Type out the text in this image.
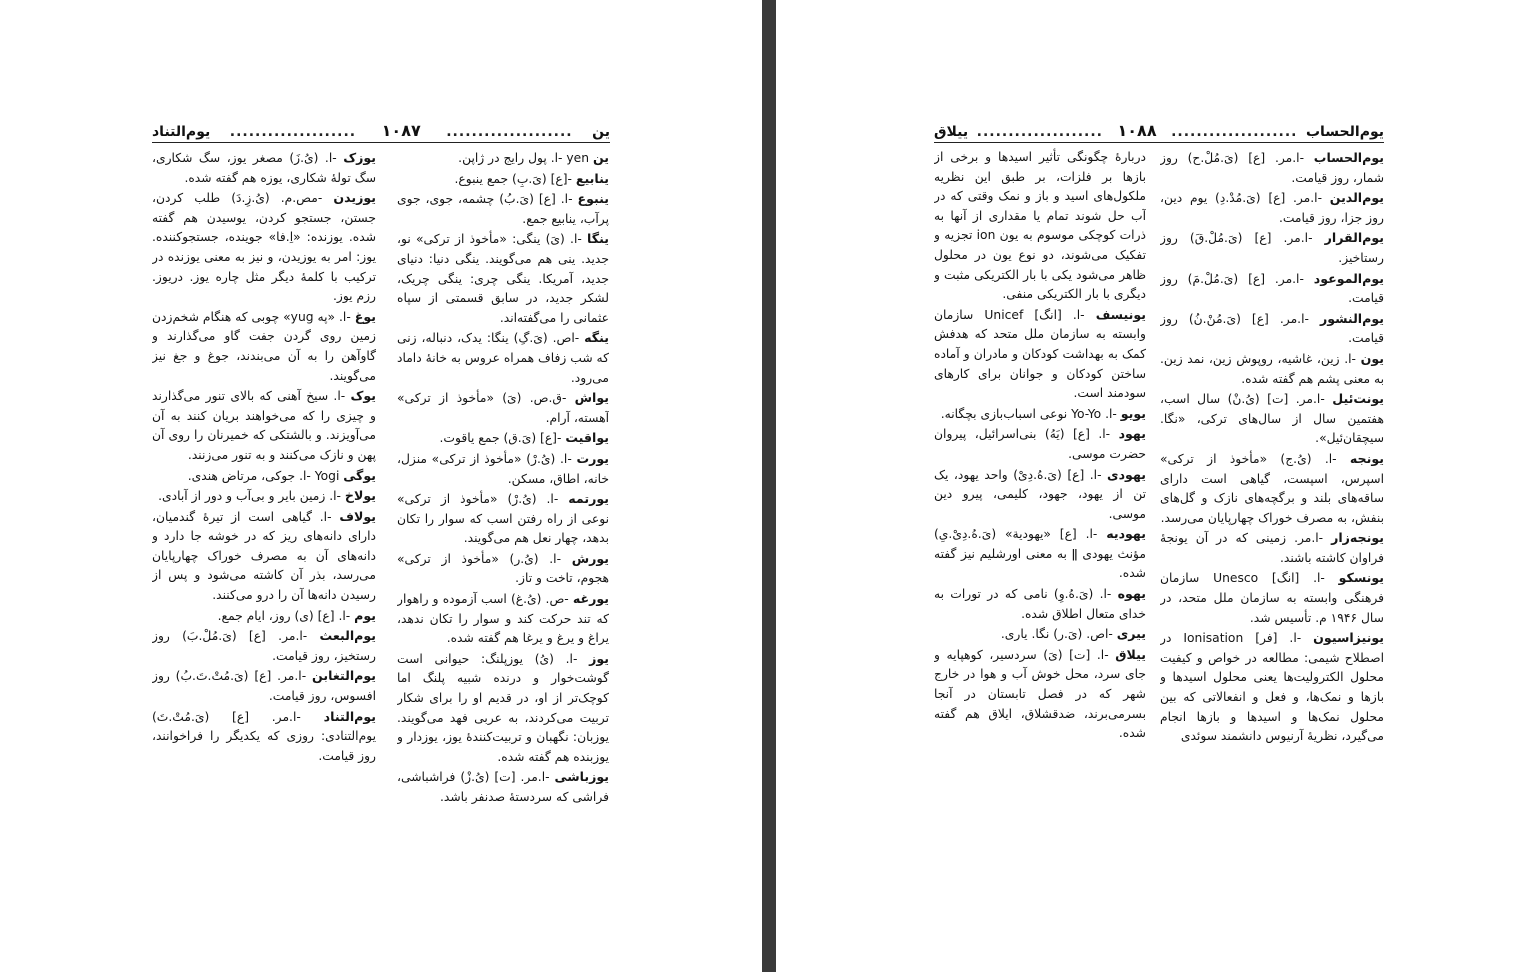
ین
....................
۱۰۸۷
....................
یوم‌التناد	یوم‌الحساب
....................
۱۰۸۸
....................
ییلاق

ین yen ‌-ا. پول رایج در ژاپن.

ینابیع ‌-[ع] (یَ.بِ) جمع ینبوع.

ینبوع ‌-ا. [ع] (یَ.بُ) چشمه، جوی، جوی پرآب، ینابیع جمع.

ینگا ‌-ا. (یَ) ینگی: «مأخوذ از ترکی» نو، جدید. ینی هم می‌گویند. ینگی دنیا: دنیای جدید، آمریکا. ینگی چری: ینگی چریک، لشکر جدید، در سابق قسمتی از سپاه عثمانی را می‌گفته‌اند.

ینگه ‌-اص. (یَ.گِ) ینگا: یدک، دنباله، زنی که شب زفاف همراه عروس به خانهٔ داماد می‌رود.

یواش ‌-ق.ص. (یَ) «مأخوذ از ترکی» آهسته، آرام.

یواقیت ‌-[ع] (یَ.ق) جمع یاقوت.

یورت ‌-ا. (یُ.رْ) «مأخوذ از ترکی» منزل، خانه، اطاق، مسکن.

یورتمه ‌-ا. (یُ.رْ) «مأخوذ از ترکی» نوعی از راه رفتن اسب که سوار را تکان بدهد، چهار نعل هم می‌گویند.

یورش ‌-ا. (یُ.ر) «مأخوذ از ترکی» هجوم، تاخت و تاز.

یورغه ‌-ص. (یُ.غ) اسب آزموده و راهوار که تند حرکت کند و سوار را تکان ندهد، یراغ و یرغ و یرغا هم گفته شده.

یوز ‌-ا. (یُ) یوزپلنگ: حیوانی است گوشت‌خوار و درنده شبیه پلنگ اما کوچک‌تر از او، در قدیم او را برای شکار تربیت می‌کردند، به عربی فهد می‌گویند. یوزبان: نگهبان و تربیت‌کنندهٔ یوز، یوزدار و یوزبنده هم گفته شده.

یوزباشی ‌-ا.مر. [ت] (یُ.زْ) فراشباشی، فراشی که سردستهٔ صدنفر باشد.

یوزک ‌-ا. (یُ.زَ) مصغر یوز، سگ شکاری، سگ تولهٔ شکاری، یوزه هم گفته شده.

یوزیدن ‌-مص.م. (یُ.زِ.دَ) طلب کردن، جستن، جستجو کردن، یوسیدن هم گفته شده. یوزنده: «اِ.فا» جوینده، جستجوکننده. یوز: امر به یوزیدن، و نیز به معنی یوزنده در ترکیب با کلمهٔ دیگر مثل چاره یوز. دریوز. رزم یوز.

یوغ ‌-ا. «په yug» چوبی که هنگام شخم‌زدن زمین روی گردن جفت گاو می‌گذارند و گاوآهن را به آن می‌بندند، جوغ و جغ نیز می‌گویند.

یوک ‌-ا. سیخ آهنی که بالای تنور می‌گذارند و چیزی را که می‌خواهند بریان کنند به آن می‌آویزند. و بالشتکی که خمیرنان را روی آن پهن و نازک می‌کنند و به تنور می‌زنند.

یوگی Yogi ‌-ا. جوکی، مرتاض هندی.

یولاخ ‌-ا. زمین بایر و بی‌آب و دور از آبادی.

یولاف ‌-ا. گیاهی است از تیرهٔ گندمیان، دارای دانه‌های ریز که در خوشه جا دارد و دانه‌های آن به مصرف خوراک چهارپایان می‌رسد، بذر آن کاشته می‌شود و پس از رسیدن دانه‌ها آن را درو می‌کنند.

یوم ‌-ا. [ع] (ی) روز، ایام جمع.

یوم‌البعث ‌-ا.مر. [ع] (یَ.مُلْ.بَ) روز رستخیز، روز قیامت.

یوم‌التغابن ‌-ا.مر. [ع] (یَ.مُتْ.تَ.بُ) روز افسوس، روز قیامت.

یوم‌التناد ‌-ا.مر. [ع] (یَ.مُتْ.تَ) یوم‌التنادی: روزی که یکدیگر را فراخوانند، روز قیامت.

یوم‌الحساب ‌-ا.مر. [ع] (یَ.مُلْ.ح) روز شمار، روز قیامت.

یوم‌الدین ‌-ا.مر. [ع] (یَ.مُدْ.دِ) یوم دین، روز جزا، روز قیامت.

یوم‌القرار ‌-ا.مر. [ع] (یَ.مُلْ.قَ) روز رستاخیز.

یوم‌الموعود ‌-ا.مر. [ع] (یَ.مُلْ.مَ) روز قیامت.

یوم‌النشور ‌-ا.مر. [ع] (یَ.مُنْ.نُ) روز قیامت.

یون ‌-ا. زین، غاشیه، روپوش زین، نمد زین. به معنی پشم هم گفته شده.

یونت‌ئیل ‌-ا.مر. [ت] (یُ.نْ) سال اسب، هفتمین سال از سال‌های ترکی، «نگا. سیچقان‌ئیل».

یونجه ‌-ا. (یُ.ج) «مأخوذ از ترکی» اسپرس، اسپست، گیاهی است دارای ساقه‌های بلند و برگچه‌های نازک و گل‌های بنفش، به مصرف خوراک چهارپایان می‌رسد.

یونجه‌زار ‌-ا.مر. زمینی که در آن یونجهٔ فراوان کاشته باشند.

یونسکو ‌-ا. [انگ] Unesco سازمان فرهنگی وابسته به سازمان ملل متحد، در سال ۱۹۴۶ م. تأسیس شد.

یونیزاسیون ‌-ا. [فر] Ionisation در اصطلاح شیمی: مطالعه در خواص و کیفیت محلول الکترولیت‌ها یعنی محلول اسیدها و بازها و نمک‌ها، و فعل و انفعالاتی که بین محلول نمک‌ها و اسیدها و بازها انجام می‌گیرد، نظریهٔ آرنیوس دانشمند سوئدی

دربارهٔ چگونگی تأثیر اسیدها و برخی از بازها بر فلزات، بر طبق این نظریه ملکول‌های اسید و باز و نمک وقتی که در آب حل شوند تمام یا مقداری از آنها به ذرات کوچکی موسوم به یون ion تجزیه و تفکیک می‌شوند، دو نوع یون در محلول ظاهر می‌شود یکی با بار الکتریکی مثبت و دیگری با بار الکتریکی منفی.

یونیسف ‌-ا. [انگ] Unicef سازمان وابسته به سازمان ملل متحد که هدفش کمک به بهداشت کودکان و مادران و آماده ساختن کودکان و جوانان برای کارهای سودمند است.

یویو ‌-ا. Yo-Yo نوعی اسباب‌بازی بچگانه.

یهود ‌-ا. [ع] (یَهُ) بنی‌اسرائیل، پیروان حضرت موسی.

یهودی ‌-ا. [ع] (یَ.هُ.دِیْ) واحد یهود، یک تن از یهود، جهود، کلیمی، پیرو دین موسی.

یهودیه ‌-ا. [ع] «یهودیة» (یَ.هُ.دِیْ.یِ) مؤنث یهودی ǁ به معنی اورشلیم نیز گفته شده.

یهوه ‌-ا. (یَ.هُ.وِ) نامی که در تورات به خدای متعال اطلاق شده.

ییری ‌-اص. (یَ.ر) نگا. یاری.

ییلاق ‌-ا. [ت] (یَ) سردسیر، کوهپایه و جای سرد، محل خوش آب و هوا در خارج شهر که در فصل تابستان در آنجا بسرمی‌برند، ضدقشلاق، ایلاق هم گفته شده.
